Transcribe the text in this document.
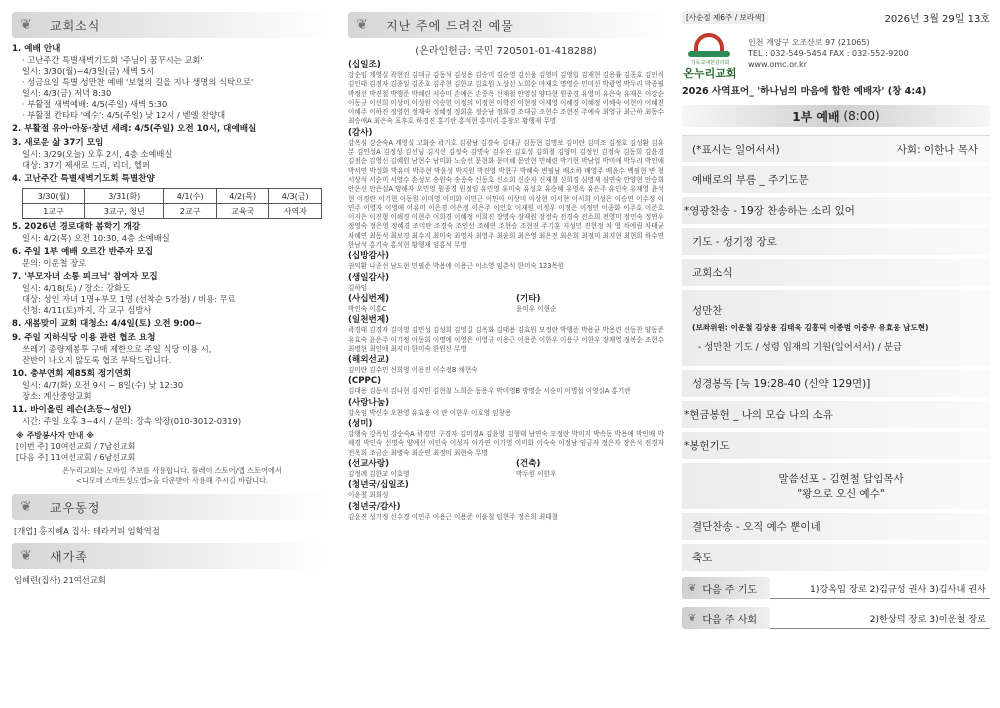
❦ 교회소식
1. 예배 안내
· 고난주간 특별새벽기도회 '주님이 꿈꾸시는 교회'
일시: 3/30(월)~4/3일(금) 새벽 5시
· 성금요일 특별 성만찬 예배 '보혈의 길을 지나 생명의 식탁으로'
일시: 4/3(금) 저녁 8:30
· 부활절 새벽예배: 4/5(주일) 새벽 5:30
· 부활절 칸타타 '예수': 4/5(주일) 낮 12시 / 벧엘 찬양대
2. 부활절 유아·아동·장년 세례: 4/5(주일) 오전 10시, 대예배실
3. 새로운 삶 37기 모임
일시: 3/29(오늘) 오후 2시, 4층 소예배실
대상: 37기 제새로 드리, 리더, 헬퍼
4. 고난주간 특별새벽기도회 특별찬양
3/30(월)	3/31(화)	4/1(수)	4/2(목)	4/3(금)
1교구	3교구, 청년	2교구	교육국	사역자
5. 2026년 경로대학 봄학기 개강
일시: 4/2(목) 오전 10:30, 4층 소예배실
6. 주일 1부 예배 오르간 반주자 모집
문의: 이운철 장로
7. '부모자녀 소통 피크닉' 참여자 모집
일시: 4/18(토) / 장소: 강화도
대상: 성인 자녀 1명+부모 1명 (선착순 5가정) / 비용: 무료
신청: 4/11(토)까지, 각 교구 심방사
8. 새봄맞이 교회 대청소: 4/4일(토) 오전 9:00~
9. 주일 지하식당 이용 관련 협조 요청
쓰레기 종량제봉투 구매 제한으로 주일 식당 이용 시,
잔반이 나오지 않도록 협조 부탁드립니다.
10. 충부연회 제85회 정기연회
일시: 4/7(화) 오전 9시 ~ 8일(수) 낮 12:30
장소: 계산중앙교회
11. 바이올린 레슨(초등~성인)
시간: 주일 오후 3~4시 / 문의: 강속 악장(010-3012-0319)
※ 주방봉사자 안내 ※
[이번 주] 10여선교회 / 7남선교회
[다음 주] 11여선교회 / 6남선교회
온누리교회는 모바일 주보를 사용합니다. 플레이 스토어/앱 스토어에서
<디모데 스마트성도앱>을 다운받아 사용해 주시길 바랍니다.
❦ 교우동정
[개업] 홍지혜A 집사: 테라커피 임학역점
❦ 새가족
임혜련(집사) 21여선교회
❦ 지난 주에 드려진 예물
(온라인헌금: 국민 720501-01-418288)
(십일조)
강순임 계영실 곽현진 김대규 김동석 김성용 김승미 김순영 김신웅 김영미 김영일 김재현 김용률 김종호 김인식 김인태 김점자 김종일 김준호 김주현 김한교 김효원 노상선 노희순 마재호 명영순 민미선 박광영 박두리 박종필 박정선 박진철 박행준 박혜린 서승미 손예은 손종옥 신재철 안영실 양다현 원종경 유영미 유은숙 유재은 이강순 이동규 이선희 이상미 이성원 이승헌 이정의 이정현 이학진 이현정 이재영 이혜경 이혜정 이혜숙 이현아 이혜진 이혜주 이하진 정영헌 정재숙 정혜정 정회훈 정순남 정희경 조대금 조현수 조현진 주예숙 최영규 최근하 최동수 최승애A 최은숙 표후호 하경진 홍기란 홍석현 홍미리 홍창모 황행재 무명
(감사)
강옥심 강순숙A 계영실 고화순 곽기호 김광남 김경숙 김대규 김동현 김명보 김미란 김미조 김정호 김성환 김유분 김인성A 김정성 김선님 김지선 김정숙 김명숙 김우진 김호성 김희철 김양미 김정인 김정숙 김동희 김윤경 김점순 김영신 김혜원 남현수 남미화 노승선 문현화 문미혜 문안현 민혜련 박기현 박남일 박미애 박두리 박인애 박서연 박성화 박유미 박주현 박윤성 박지원 박진영 박현구 박혜숙 변필남 배소하 배영주 배윤수 백필현 변 철 서상석 서순미 서영수 손성모 송원숙 송종숙 신동호 신소희 신순자 신재철 신희경 심명재 심연숙 안양현 안승희 안은선 안은실A 양해자 오민영 원종경 원정임 유민영 유미숙 유성호 유승혜 유영옥 유은주 유인숙 유재영 윤석현 이경란 이기현 이동원 이미영 이미화 이민근 이민아 이상미 이상현 이서현 이서희 이성은 이승연 이수정 이연주 이영자 이영애 이유미 이은경 이은정 이은주 이인호 이재원 이정우 이정은 이정민 이종화 이주호 이준호 이지은 이진형 이해경 이현주 이희경 이혜정 이희진 장명숙 장재원 장정숙 전경숙 전소희 전영미 정민숙 정연우 정영숙 정은영 정혜경 조미란 조경숙 조인선 조해연 조현승 조현진 주기훈 지성민 진현정 차 영 차에림 차태균 차혜연 최동식 최보경 최수지 최미숙 최영자 최영주 최윤희 최은영 최은진 최은희 최정미 최지현 최현희 하수연 한남석 홍기숙 홍석현 황행재 임홍석 무명
(십방감사)
권익환 나종선 남도현 민필준 박용애 이용근 이소영 임춘식 한미숙 123목원
(생일감사)
김하임
(사십번제)
박인숙 이홍C
(기타)
윤미우 이현순
(일천번제)
곽경태 김경자 김미영 김민성 김성희 김영길 김옥화 김태용 김효원 모정란 박행준 박용균 박용련 신동찬 양동준 유효숙 윤은주 이기정 이동희 이명에 이영은 이영규 이용근 이용준 이한우 이용구 이한우 장재영 정복순 조현수 최병현 최인애 최지미 한미숙 한원선 무명
(해외선교)
김미란 김수민 신희영 이용진 이수정B 채현숙
(CPPC)
김대용 김동석 김나현 김지민 김현철 노희순 동용우 박미영B 방명순 서승미 이명섭 이영실A 홍기란
(사랑나눔)
강옥임 박신수 오찬영 유효웅 이 란 이한우 이호영 임창용
(성미)
강행숙 강옥임 강순숙A 곽경민 구경자 김미경A 김윤영 김형태 남연숙 모정란 박미지 박속동 박용애 박인배 박해경 박인숙 신명숙 양예선 이인숙 이성자 이가연 이기영 이미화 이숙숙 이정남 임금자 정은자 장은석 전경자 전옥희 조금순 최병숙 최순연 최정미 최현숙 무명
(선교사랑)
김정례 김한교 이호영
(건축)
박두원 이한우
(청년국/십일조)
이윤철 최희성
(청년국/감사)
김윤진 성기정 신수경 이민주 이용근 이용준 이윤철 임현주 정은희 최태철
[사순절 제6주 / 보라색]	2026년 3월 29일 13호
기독교대한감리회
온누리교회
인천 계양구 오조산로 97 (21065)
TEL : 032-549-5454 FAX : 032-552-9200
www.omc.or.kr
2026 사역표어_ '하나님의 마음에 합한 예배자' (창 4:4)
1부 예배
(8:00)
(*표시는 일어서서)	사회: 이한나 목사
예배로의 부름 _ 주기도문
* 영광찬송 - 19장 찬송하는 소리 있어
기도 - 성기정 장로
교회소식
성만찬
(보좌위원: 이운철 김상용 김태욱 김흥덕 이종범 이중우 유효웅 남도현)
- 성만찬 기도 / 성령 임재의 기원(일어서서) / 분급
성경봉독 [눅 19:28-40 (신약 129면)]
* 현금봉헌 _ 나의 모습 나의 소유
* 봉헌기도
말씀선포 - 김현철 담임목사
"왕으로 오신 예수"
결단찬송 - 오직 예수 뿐이네
축도
❦ 다음 주 기도	1)강옥임 장로 2)김규성 권사 3)김사내 권사
❦ 다음 주 사회	2)한상덕 장로 3)이운철 장로
